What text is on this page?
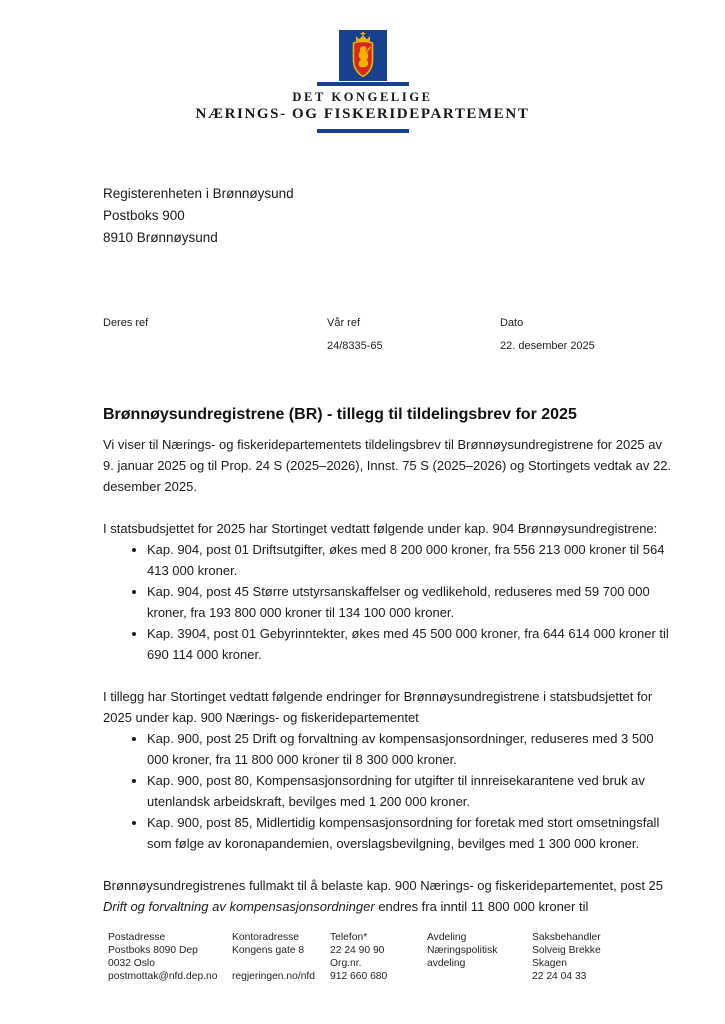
DET KONGELIGE
NÆRINGS- OG FISKERIDEPARTEMENT
Registerenheten i Brønnøysund
Postboks 900
8910 Brønnøysund
Deres ref	Vår ref
24/8335-65
Dato
22. desember 2025
Brønnøysundregistrene (BR) - tillegg til tildelingsbrev for 2025

Vi viser til Nærings- og fiskeridepartementets tildelingsbrev til Brønnøysundregistrene for 2025 av 9. januar 2025 og til Prop. 24 S (2025–2026), Innst. 75 S (2025–2026) og Stortingets vedtak av 22. desember 2025.

I statsbudsjettet for 2025 har Stortinget vedtatt følgende under kap. 904 Brønnøysundregistrene:

• Kap. 904, post 01 Driftsutgifter, økes med 8 200 000 kroner, fra 556 213 000 kroner til 564 413 000 kroner.
• Kap. 904, post 45 Større utstyrsanskaffelser og vedlikehold, reduseres med 59 700 000 kroner, fra 193 800 000 kroner til 134 100 000 kroner.
• Kap. 3904, post 01 Gebyrinntekter, økes med 45 500 000 kroner, fra 644 614 000 kroner til 690 114 000 kroner.

I tillegg har Stortinget vedtatt følgende endringer for Brønnøysundregistrene i statsbudsjettet for 2025 under kap. 900 Nærings- og fiskeridepartementet

• Kap. 900, post 25 Drift og forvaltning av kompensasjonsordninger, reduseres med 3 500 000 kroner, fra 11 800 000 kroner til 8 300 000 kroner.
• Kap. 900, post 80, Kompensasjonsordning for utgifter til innreisekarantene ved bruk av utenlandsk arbeidskraft, bevilges med 1 200 000 kroner.
• Kap. 900, post 85, Midlertidig kompensasjonsordning for foretak med stort omsetningsfall som følge av koronapandemien, overslagsbevilgning, bevilges med 1 300 000 kroner.

Brønnøysundregistrenes fullmakt til å belaste kap. 900 Nærings- og fiskeridepartementet, post 25 Drift og forvaltning av kompensasjonsordninger endres fra inntil 11 800 000 kroner til

Postadresse
Postboks 8090 Dep
0032 Oslo
postmottak@nfd.dep.no
Kontoradresse
Kongens gate 8
regjeringen.no/nfd
Telefon*
22 24 90 90
Org.nr.
912 660 680
Avdeling
Næringspolitisk
avdeling
Saksbehandler
Solveig Brekke
Skagen
22 24 04 33
